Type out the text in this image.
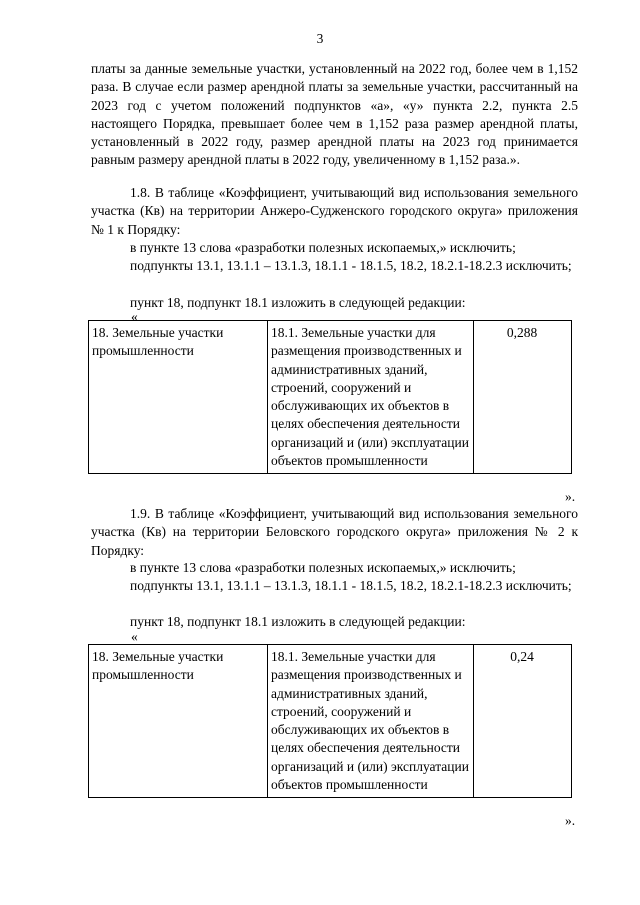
3

платы за данные земельные участки, установленный на 2022 год, более чем в 1,152 раза. В случае если размер арендной платы за земельные участки, рассчитанный на 2023 год с учетом положений подпунктов «а», «у» пункта 2.2, пункта 2.5 настоящего Порядка, превышает более чем в 1,152 раза размер арендной платы, установленный в 2022 году, размер арендной платы на 2023 год принимается равным размеру арендной платы в 2022 году, увеличенному в 1,152 раза.».

1.8. В таблице «Коэффициент, учитывающий вид использования земельного участка (Кв) на территории Анжеро-Судженского городского округа» приложения № 1 к Порядку:

в пункте 13 слова «разработки полезных ископаемых,» исключить;

подпункты 13.1, 13.1.1 – 13.1.3, 18.1.1 - 18.1.5, 18.2, 18.2.1-18.2.3 исключить;

пункт 18, подпункт 18.1 изложить в следующей редакции:

«
18. Земельные участки промышленности	18.1. Земельные участки для размещения производственных и административных зданий, строений, сооружений и обслуживающих их объектов в целях обеспечения деятельности организаций и (или) эксплуатации объектов промышленности	0,288
».

1.9. В таблице «Коэффициент, учитывающий вид использования земельного участка (Кв) на территории Беловского городского округа» приложения № 2 к Порядку:

в пункте 13 слова «разработки полезных ископаемых,» исключить;

подпункты 13.1, 13.1.1 – 13.1.3, 18.1.1 - 18.1.5, 18.2, 18.2.1-18.2.3 исключить;

пункт 18, подпункт 18.1 изложить в следующей редакции:

«
18. Земельные участки промышленности	18.1. Земельные участки для размещения производственных и административных зданий, строений, сооружений и обслуживающих их объектов в целях обеспечения деятельности организаций и (или) эксплуатации объектов промышленности	0,24
».
